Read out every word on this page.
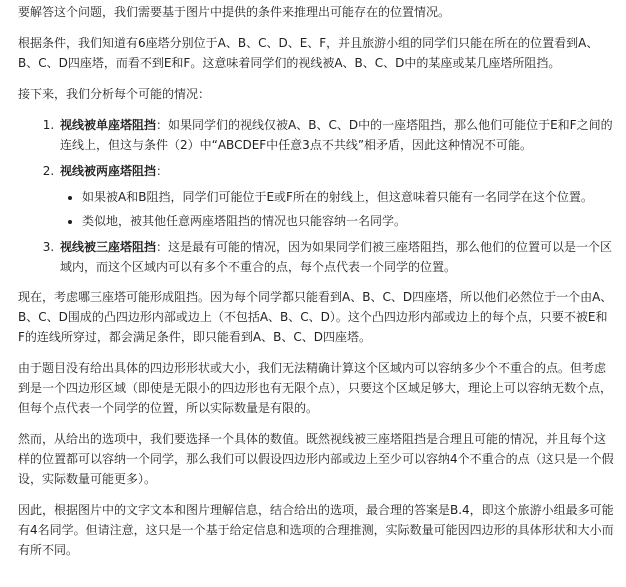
要解答这个问题，我们需要基于图片中提供的条件来推理出可能存在的位置情况。

根据条件，我们知道有6座塔分别位于A、B、C、D、E、F，并且旅游小组的同学们只能在所在的位置看到A、B、C、D四座塔，而看不到E和F。这意味着同学们的视线被A、B、C、D中的某座或某几座塔所阻挡。

接下来，我们分析每个可能的情况：

1. 视线被单座塔阻挡：如果同学们的视线仅被A、B、C、D中的一座塔阻挡，那么他们可能位于E和F之间的连线上，但这与条件（2）中“ABCDEF中任意3点不共线”相矛盾，因此这种情况不可能。
2. 视线被两座塔阻挡：
• 如果被A和B阻挡，同学们可能位于E或F所在的射线上，但这意味着只能有一名同学在这个位置。
• 类似地，被其他任意两座塔阻挡的情况也只能容纳一名同学。
3. 视线被三座塔阻挡：这是最有可能的情况，因为如果同学们被三座塔阻挡，那么他们的位置可以是一个区域内，而这个区域内可以有多个不重合的点，每个点代表一个同学的位置。

现在，考虑哪三座塔可能形成阻挡。因为每个同学都只能看到A、B、C、D四座塔，所以他们必然位于一个由A、B、C、D围成的凸四边形内部或边上（不包括A、B、C、D）。这个凸四边形内部或边上的每个点，只要不被E和F的连线所穿过，都会满足条件，即只能看到A、B、C、D四座塔。

由于题目没有给出具体的四边形形状或大小，我们无法精确计算这个区域内可以容纳多少个不重合的点。但考虑到是一个四边形区域（即使是无限小的四边形也有无限个点），只要这个区域足够大，理论上可以容纳无数个点，但每个点代表一个同学的位置，所以实际数量是有限的。

然而，从给出的选项中，我们要选择一个具体的数值。既然视线被三座塔阻挡是合理且可能的情况，并且每个这样的位置都可以容纳一个同学，那么我们可以假设四边形内部或边上至少可以容纳4个不重合的点（这只是一个假设，实际数量可能更多）。

因此，根据图片中的文字文本和图片理解信息，结合给出的选项，最合理的答案是B.4，即这个旅游小组最多可能有4名同学。但请注意，这只是一个基于给定信息和选项的合理推测，实际数量可能因四边形的具体形状和大小而有所不同。
